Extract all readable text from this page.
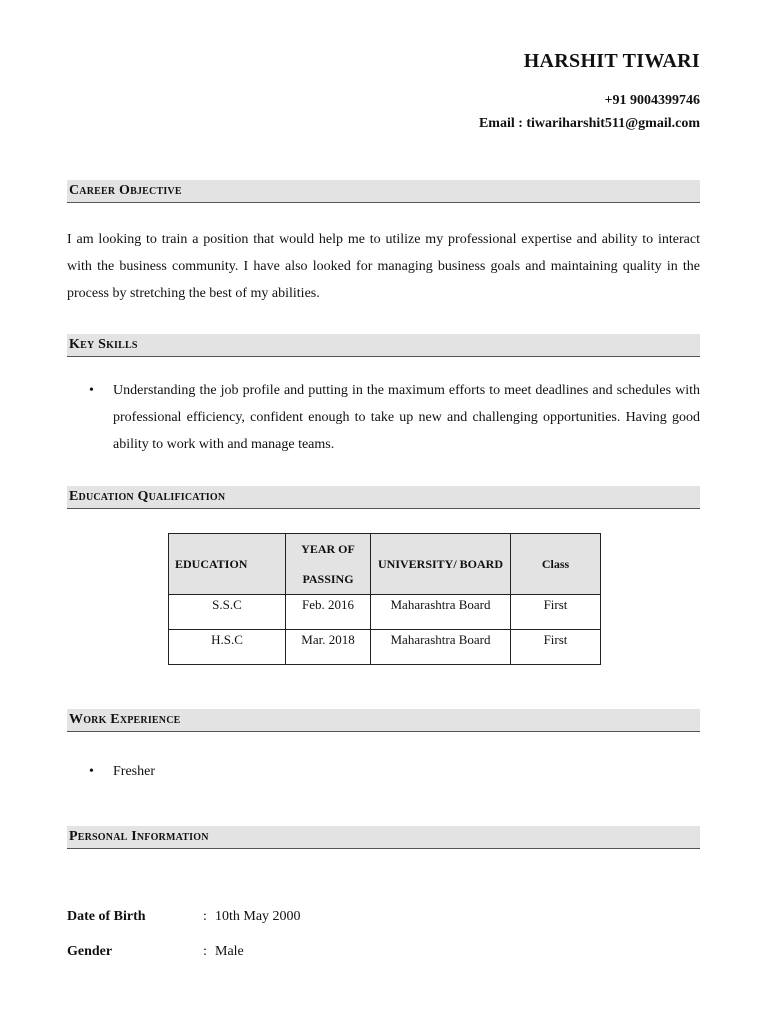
HARSHIT TIWARI
+91 9004399746
Email : tiwariharshit511@gmail.com
Career Objective
I am looking to train a position that would help me to utilize my professional expertise and ability to interact with the business community. I have also looked for managing business goals and maintaining quality in the process by stretching the best of my abilities.
Key Skills
• Understanding the job profile and putting in the maximum efforts to meet deadlines and schedules with professional efficiency, confident enough to take up new and challenging opportunities. Having good ability to work with and manage teams.
Education Qualification
EDUCATION	YEAR OF PASSING	UNIVERSITY/ BOARD	Class
S.S.C	Feb. 2016	Maharashtra Board	First
H.S.C	Mar. 2018	Maharashtra Board	First
Work Experience
• Fresher
Personal Information
Date of Birth	: 10th May 2000
Gender	: Male
